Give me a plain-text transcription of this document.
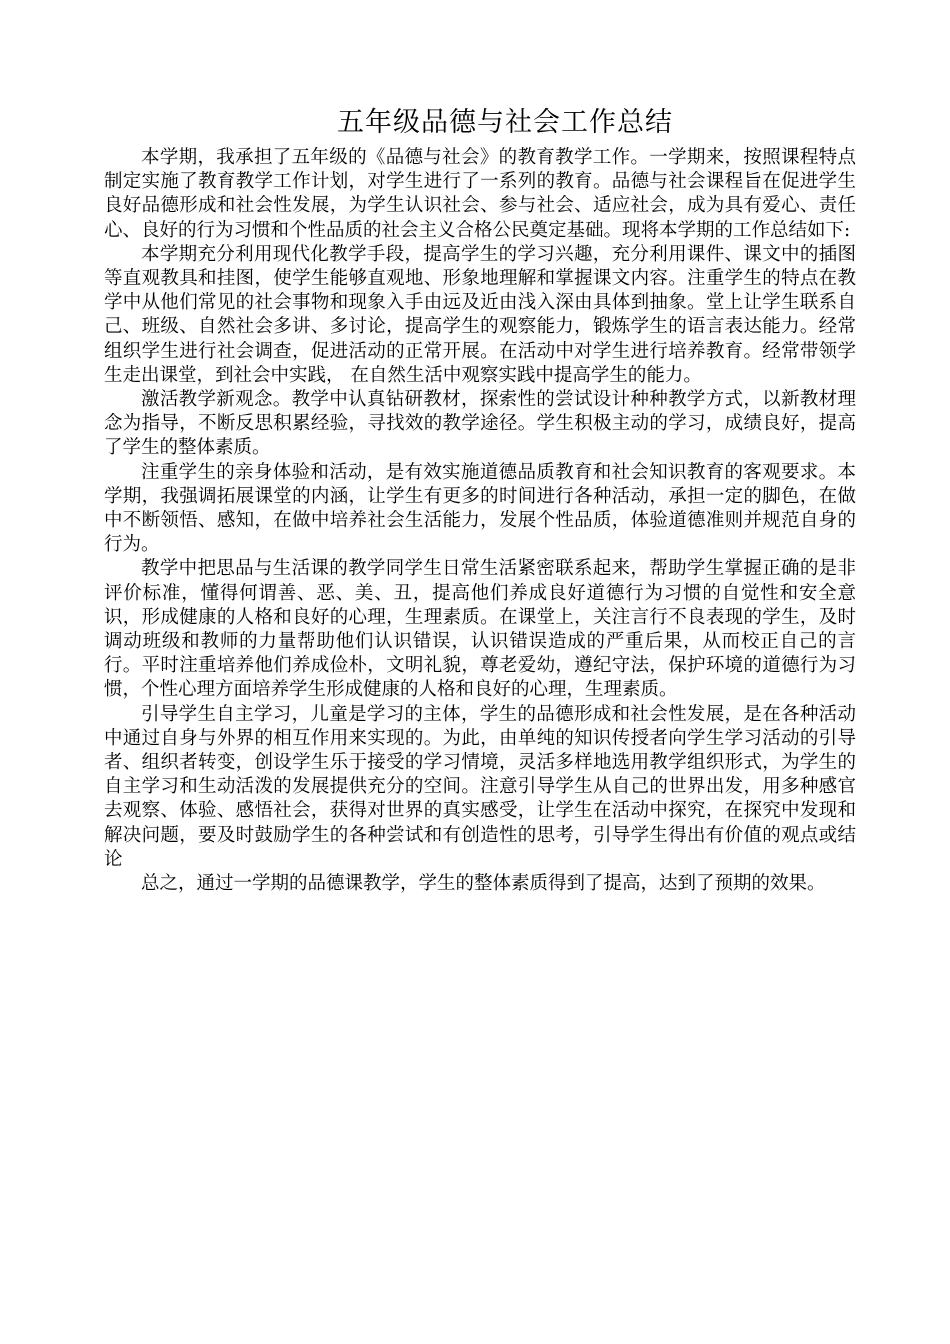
五年级品德与社会工作总结

本学期，我承担了五年级的《品德与社会》的教育教学工作。一学期来，按照课程特点制定实施了教育教学工作计划，对学生进行了一系列的教育。品德与社会课程旨在促进学生良好品德形成和社会性发展，为学生认识社会、参与社会、适应社会，成为具有爱心、责任心、良好的行为习惯和个性品质的社会主义合格公民奠定基础。现将本学期的工作总结如下:

本学期充分利用现代化教学手段，提高学生的学习兴趣，充分利用课件、课文中的插图等直观教具和挂图，使学生能够直观地、形象地理解和掌握课文内容。注重学生的特点在教学中从他们常见的社会事物和现象入手由远及近由浅入深由具体到抽象。堂上让学生联系自己、班级、自然社会多讲、多讨论，提高学生的观察能力，锻炼学生的语言表达能力。经常组织学生进行社会调查，促进活动的正常开展。在活动中对学生进行培养教育。经常带领学生走出课堂，到社会中实践， 在自然生活中观察实践中提高学生的能力。

激活教学新观念。教学中认真钻研教材，探索性的尝试设计种种教学方式，以新教材理念为指导，不断反思积累经验，寻找效的教学途径。学生积极主动的学习，成绩良好，提高了学生的整体素质。

注重学生的亲身体验和活动，是有效实施道德品质教育和社会知识教育的客观要求。本学期，我强调拓展课堂的内涵，让学生有更多的时间进行各种活动，承担一定的脚色，在做中不断领悟、感知，在做中培养社会生活能力，发展个性品质，体验道德准则并规范自身的行为。

教学中把思品与生活课的教学同学生日常生活紧密联系起来，帮助学生掌握正确的是非评价标准，懂得何谓善、恶、美、丑，提高他们养成良好道德行为习惯的自觉性和安全意识，形成健康的人格和良好的心理，生理素质。在课堂上，关注言行不良表现的学生，及时调动班级和教师的力量帮助他们认识错误，认识错误造成的严重后果，从而校正自己的言行。平时注重培养他们养成俭朴，文明礼貌，尊老爱幼，遵纪守法，保护环境的道德行为习惯，个性心理方面培养学生形成健康的人格和良好的心理，生理素质。

引导学生自主学习，儿童是学习的主体，学生的品德形成和社会性发展，是在各种活动中通过自身与外界的相互作用来实现的。为此，由单纯的知识传授者向学生学习活动的引导者、组织者转变，创设学生乐于接受的学习情境，灵活多样地选用教学组织形式，为学生的自主学习和生动活泼的发展提供充分的空间。注意引导学生从自己的世界出发，用多种感官去观察、体验、感悟社会，获得对世界的真实感受，让学生在活动中探究，在探究中发现和解决问题，要及时鼓励学生的各种尝试和有创造性的思考，引导学生得出有价值的观点或结论

总之，通过一学期的品德课教学，学生的整体素质得到了提高，达到了预期的效果。
